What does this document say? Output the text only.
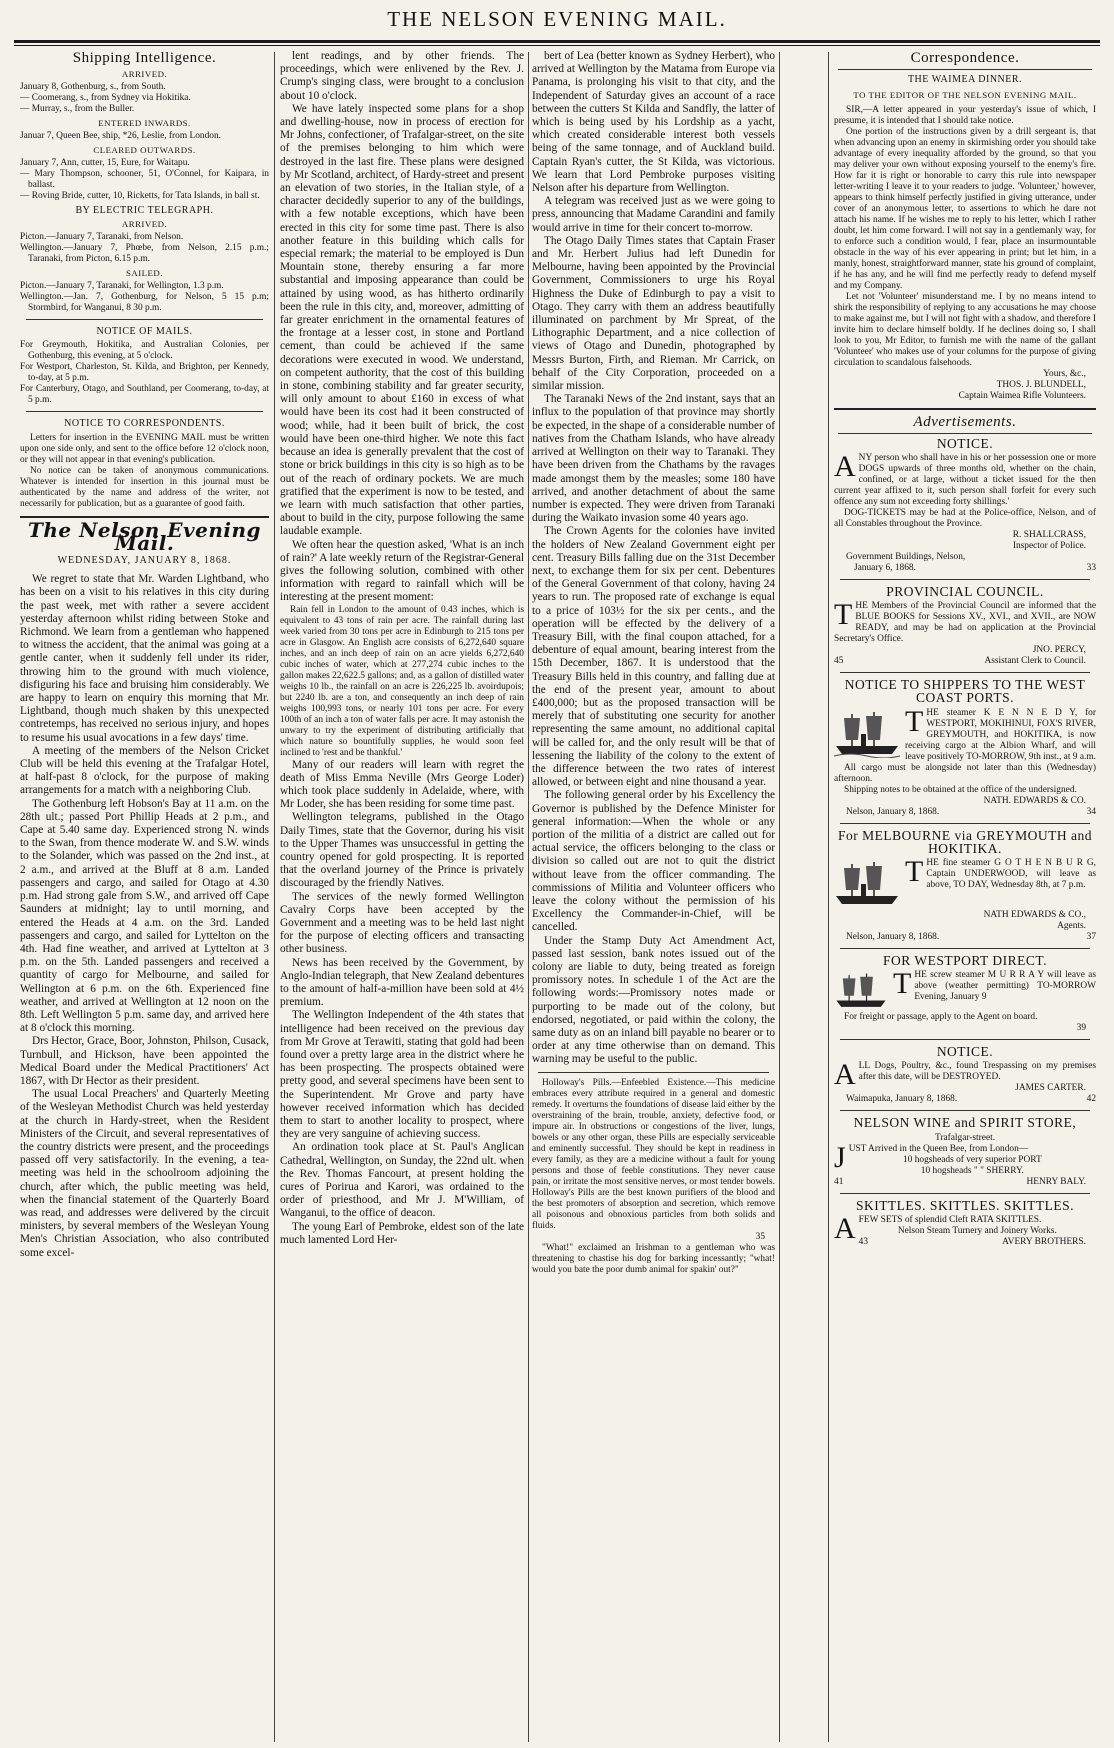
THE NELSON EVENING MAIL.
Shipping Intelligence.
ARRIVED.

January 8, Gothenburg, s., from South.

— Coomerang, s., from Sydney via Hokitika.

— Murray, s., from the Buller.

ENTERED INWARDS.

Januar 7, Queen Bee, ship, *26, Leslie, from London.

CLEARED OUTWARDS.

January 7, Ann, cutter, 15, Eure, for Waitapu.

— Mary Thompson, schooner, 51, O'Connel, for Kaipara, in ballast.

— Roving Bride, cutter, 10, Ricketts, for Tata Islands, in ball st.

BY ELECTRIC TELEGRAPH.
ARRIVED.

Picton.—January 7, Taranaki, from Nelson.

Wellington.—January 7, Phœbe, from Nelson, 2.15 p.m.; Taranaki, from Picton, 6.15 p.m.

SAILED.

Picton.—January 7, Taranaki, for Wellington, 1.3 p.m.

Wellington.—Jan. 7, Gothenburg, for Nelson, 5 15 p.m; Stormbird, for Wanganui, 8 30 p.m.

NOTICE OF MAILS.

For Greymouth, Hokitika, and Australian Colonies, per Gothenburg, this evening, at 5 o'clock.

For Westport, Charleston, St. Kilda, and Brighton, per Kennedy, to-day, at 5 p.m.

For Canterbury, Otago, and Southland, per Coomerang, to-day, at 5 p.m.

NOTICE TO CORRESPONDENTS.

Letters for insertion in the EVENING MAIL must be written upon one side only, and sent to the office before 12 o'clock noon, or they will not appear in that evening's publication.

No notice can be taken of anonymous communications. Whatever is intended for insertion in this journal must be authenticated by the name and address of the writer, not necessarily for publication, but as a guarantee of good faith.

The Nelson Evening Mail.
WEDNESDAY, JANUARY 8, 1868.

We regret to state that Mr. Warden Lightband, who has been on a visit to his relatives in this city during the past week, met with rather a severe accident yesterday afternoon whilst riding between Stoke and Richmond. We learn from a gentleman who happened to witness the accident, that the animal was going at a gentle canter, when it suddenly fell under its rider, throwing him to the ground with much violence, disfiguring his face and bruising him considerably. We are happy to learn on enquiry this morning that Mr. Lightband, though much shaken by this unexpected contretemps, has received no serious injury, and hopes to resume his usual avocations in a few days' time.

A meeting of the members of the Nelson Cricket Club will be held this evening at the Trafalgar Hotel, at half-past 8 o'clock, for the purpose of making arrangements for a match with a neighboring Club.

The Gothenburg left Hobson's Bay at 11 a.m. on the 28th ult.; passed Port Phillip Heads at 2 p.m., and Cape at 5.40 same day. Experienced strong N. winds to the Swan, from thence moderate W. and S.W. winds to the Solander, which was passed on the 2nd inst., at 2 a.m., and arrived at the Bluff at 8 a.m. Landed passengers and cargo, and sailed for Otago at 4.30 p.m. Had strong gale from S.W., and arrived off Cape Saunders at midnight; lay to until morning, and entered the Heads at 4 a.m. on the 3rd. Landed passengers and cargo, and sailed for Lyttelton on the 4th. Had fine weather, and arrived at Lyttelton at 3 p.m. on the 5th. Landed passengers and received a quantity of cargo for Melbourne, and sailed for Wellington at 6 p.m. on the 6th. Experienced fine weather, and arrived at Wellington at 12 noon on the 8th. Left Wellington 5 p.m. same day, and arrived here at 8 o'clock this morning.

Drs Hector, Grace, Boor, Johnston, Philson, Cusack, Turnbull, and Hickson, have been appointed the Medical Board under the Medical Practitioners' Act 1867, with Dr Hector as their president.

The usual Local Preachers' and Quarterly Meeting of the Wesleyan Methodist Church was held yesterday at the church in Hardy-street, when the Resident Ministers of the Circuit, and several representatives of the country districts were present, and the proceedings passed off very satisfactorily. In the evening, a tea-meeting was held in the schoolroom adjoining the church, after which, the public meeting was held, when the financial statement of the Quarterly Board was read, and addresses were delivered by the circuit ministers, by several members of the Wesleyan Young Men's Christian Association, who also contributed some excel-

lent readings, and by other friends. The proceedings, which were enlivened by the Rev. J. Crump's singing class, were brought to a conclusion about 10 o'clock.

We have lately inspected some plans for a shop and dwelling-house, now in process of erection for Mr Johns, confectioner, of Trafalgar-street, on the site of the premises belonging to him which were destroyed in the last fire. These plans were designed by Mr Scotland, architect, of Hardy-street and present an elevation of two stories, in the Italian style, of a character decidedly superior to any of the buildings, with a few notable exceptions, which have been erected in this city for some time past. There is also another feature in this building which calls for especial remark; the material to be employed is Dun Mountain stone, thereby ensuring a far more substantial and imposing appearance than could be attained by using wood, as has hitherto ordinarily been the rule in this city, and, moreover, admitting of far greater enrichment in the ornamental features of the frontage at a lesser cost, in stone and Portland cement, than could be achieved if the same decorations were executed in wood. We understand, on competent authority, that the cost of this building in stone, combining stability and far greater security, will only amount to about £160 in excess of what would have been its cost had it been constructed of wood; while, had it been built of brick, the cost would have been one-third higher. We note this fact because an idea is generally prevalent that the cost of stone or brick buildings in this city is so high as to be out of the reach of ordinary pockets. We are much gratified that the experiment is now to be tested, and we learn with much satisfaction that other parties, about to build in the city, purpose following the same laudable example.

We often hear the question asked, 'What is an inch of rain?' A late weekly return of the Registrar-General gives the following solution, combined with other information with regard to rainfall which will be interesting at the present moment:

Rain fell in London to the amount of 0.43 inches, which is equivalent to 43 tons of rain per acre. The rainfall during last week varied from 30 tons per acre in Edinburgh to 215 tons per acre in Glasgow. An English acre consists of 6,272,640 square inches, and an inch deep of rain on an acre yields 6,272,640 cubic inches of water, which at 277,274 cubic inches to the gallon makes 22,622.5 gallons; and, as a gallon of distilled water weighs 10 lb., the rainfall on an acre is 226,225 lb. avoirdupois; but 2240 lb. are a ton, and consequently an inch deep of rain weighs 100,993 tons, or nearly 101 tons per acre. For every 100th of an inch a ton of water falls per acre. It may astonish the unwary to try the experiment of distributing artificially that which nature so bountifully supplies, he would soon feel inclined to 'rest and be thankful.'

Many of our readers will learn with regret the death of Miss Emma Neville (Mrs George Loder) which took place suddenly in Adelaide, where, with Mr Loder, she has been residing for some time past.

Wellington telegrams, published in the Otago Daily Times, state that the Governor, during his visit to the Upper Thames was unsuccessful in getting the country opened for gold prospecting. It is reported that the overland journey of the Prince is privately discouraged by the friendly Natives.

The services of the newly formed Wellington Cavalry Corps have been accepted by the Government and a meeting was to be held last night for the purpose of electing officers and transacting other business.

News has been received by the Government, by Anglo-Indian telegraph, that New Zealand debentures to the amount of half-a-million have been sold at 4½ premium.

The Wellington Independent of the 4th states that intelligence had been received on the previous day from Mr Grove at Terawiti, stating that gold had been found over a pretty large area in the district where he has been prospecting. The prospects obtained were pretty good, and several specimens have been sent to the Superintendent. Mr Grove and party have however received information which has decided them to start to another locality to prospect, where they are very sanguine of achieving success.

An ordination took place at St. Paul's Anglican Cathedral, Wellington, on Sunday, the 22nd ult. when the Rev. Thomas Fancourt, at present holding the cures of Porirua and Karori, was ordained to the order of priesthood, and Mr J. M'William, of Wanganui, to the office of deacon.

The young Earl of Pembroke, eldest son of the late much lamented Lord Her-

bert of Lea (better known as Sydney Herbert), who arrived at Wellington by the Matama from Europe via Panama, is prolonging his visit to that city, and the Independent of Saturday gives an account of a race between the cutters St Kilda and Sandfly, the latter of which is being used by his Lordship as a yacht, which created considerable interest both vessels being of the same tonnage, and of Auckland build. Captain Ryan's cutter, the St Kilda, was victorious. We learn that Lord Pembroke purposes visiting Nelson after his departure from Wellington.

A telegram was received just as we were going to press, announcing that Madame Carandini and family would arrive in time for their concert to-morrow.

The Otago Daily Times states that Captain Fraser and Mr. Herbert Julius had left Dunedin for Melbourne, having been appointed by the Provincial Government, Commissioners to urge his Royal Highness the Duke of Edinburgh to pay a visit to Otago. They carry with them an address beautifully illuminated on parchment by Mr Spreat, of the Lithographic Department, and a nice collection of views of Otago and Dunedin, photographed by Messrs Burton, Firth, and Rieman. Mr Carrick, on behalf of the City Corporation, proceeded on a similar mission.

The Taranaki News of the 2nd instant, says that an influx to the population of that province may shortly be expected, in the shape of a considerable number of natives from the Chatham Islands, who have already arrived at Wellington on their way to Taranaki. They have been driven from the Chathams by the ravages made amongst them by the measles; some 180 have arrived, and another detachment of about the same number is expected. They were driven from Taranaki during the Waikato invasion some 40 years ago.

The Crown Agents for the colonies have invited the holders of New Zealand Government eight per cent. Treasury Bills falling due on the 31st December next, to exchange them for six per cent. Debentures of the General Government of that colony, having 24 years to run. The proposed rate of exchange is equal to a price of 103½ for the six per cents., and the operation will be effected by the delivery of a Treasury Bill, with the final coupon attached, for a debenture of equal amount, bearing interest from the 15th December, 1867. It is understood that the Treasury Bills held in this country, and falling due at the end of the present year, amount to about £400,000; but as the proposed transaction will be merely that of substituting one security for another representing the same amount, no additional capital will be called for, and the only result will be that of lessening the liability of the colony to the extent of the difference between the two rates of interest allowed, or between eight and nine thousand a year.

The following general order by his Excellency the Governor is published by the Defence Minister for general information:—When the whole or any portion of the militia of a district are called out for actual service, the officers belonging to the class or division so called out are not to quit the district without leave from the officer commanding. The commissions of Militia and Volunteer officers who leave the colony without the permission of his Excellency the Commander-in-Chief, will be cancelled.

Under the Stamp Duty Act Amendment Act, passed last session, bank notes issued out of the colony are liable to duty, being treated as foreign promissory notes. In schedule 1 of the Act are the following words:—Promissory notes made or purporting to be made out of the colony, but endorsed, negotiated, or paid within the colony, the same duty as on an inland bill payable no bearer or to order at any time otherwise than on demand. This warning may be useful to the public.

Holloway's Pills.—Enfeebled Existence.—This medicine embraces every attribute required in a general and domestic remedy. It overturns the foundations of disease laid either by the overstraining of the brain, trouble, anxiety, defective food, or impure air. In obstructions or congestions of the liver, lungs, bowels or any other organ, these Pills are especially serviceable and eminently successful. They should be kept in readiness in every family, as they are a medicine without a fault for young persons and those of feeble constitutions. They never cause pain, or irritate the most sensitive nerves, or most tender bowels. Holloway's Pills are the best known purifiers of the blood and the best promoters of absorption and secretion, which remove all poisonous and obnoxious particles from both solids and fluids.

35

"What!" exclaimed an Irishman to a gentleman who was threatening to chastise his dog for barking incessantly; "what! would you bate the poor dumb animal for spakin' out?"

Correspondence.
THE WAIMEA DINNER.
TO THE EDITOR OF THE NELSON EVENING MAIL.

SIR,—A letter appeared in your yesterday's issue of which, I presume, it is intended that I should take notice.

One portion of the instructions given by a drill sergeant is, that when advancing upon an enemy in skirmishing order you should take advantage of every inequality afforded by the ground, so that you may deliver your own without exposing yourself to the enemy's fire. How far it is right or honorable to carry this rule into newspaper letter-writing I leave it to your readers to judge. 'Volunteer,' however, appears to think himself perfectly justified in giving utterance, under cover of an anonymous letter, to assertions to which he dare not attach his name. If he wishes me to reply to his letter, which I rather doubt, let him come forward. I will not say in a gentlemanly way, for to enforce such a condition would, I fear, place an insurmountable obstacle in the way of his ever appearing in print; but let him, in a manly, honest, straightforward manner, state his ground of complaint, if he has any, and he will find me perfectly ready to defend myself and my Company.

Let not 'Volunteer' misunderstand me. I by no means intend to shirk the responsibility of replying to any accusations he may choose to make against me, but I will not fight with a shadow, and therefore I invite him to declare himself boldly. If he declines doing so, I shall look to you, Mr Editor, to furnish me with the name of the gallant 'Volunteer' who makes use of your columns for the purpose of giving circulation to scandalous falsehoods.

Yours, &c.,
THOS. J. BLUNDELL,
Captain Waimea Rifle Volunteers.
Advertisements.
NOTICE.

ANY person who shall have in his or her possession one or more DOGS upwards of three months old, whether on the chain, confined, or at large, without a ticket issued for the then current year affixed to it, such person shall forfeit for every such offence any sum not exceeding forty shillings.'

DOG-TICKETS may be had at the Police-office, Nelson, and of all Constables throughout the Province.

R. SHALLCRASS,
Inspector of Police.
Government Buildings, Nelson,
January 6, 1868.	33
PROVINCIAL COUNCIL.

THE Members of the Provincial Council are informed that the BLUE BOOKS for Sessions XV., XVI., and XVII., are NOW READY, and may be had on application at the Provincial Secretary's Office.

JNO. PERCY,
45	Assistant Clerk to Council.
NOTICE TO SHIPPERS TO THE WEST COAST PORTS.

THE steamer K E N N E D Y, for WESTPORT, MOKIHINUI, FOX'S RIVER, GREYMOUTH, and HOKITIKA, is now receiving cargo at the Albion Wharf, and will leave positively TO-MORROW, 9th inst., at 9 a.m.

All cargo must be alongside not later than this (Wednesday) afternoon.

Shipping notes to be obtained at the office of the undersigned.

NATH. EDWARDS & CO.
Nelson, January 8, 1868.	34
For MELBOURNE via GREYMOUTH and HOKITIKA.

THE fine steamer G O T H E N B U R G, Captain UNDERWOOD, will leave as above, TO DAY, Wednesday 8th, at 7 p.m.

NATH EDWARDS & CO.,
Agents.
Nelson, January 8, 1868.	37
FOR WESTPORT DIRECT.

THE screw steamer M U R R A Y will leave as above (weather permitting) TO-MORROW Evening, January 9

For freight or passage, apply to the Agent on board.

39
NOTICE.

ALL Dogs, Poultry, &c., found Trespassing on my premises after this date, will be DESTROYED.

JAMES CARTER.
Waimapuka, January 8, 1868.	42
NELSON WINE and SPIRIT STORE,
Trafalgar-street.

JUST Arrived in the Queen Bee, from London—

10 hogsheads of very superior PORT
10 hogsheads " " SHERRY.
41	HENRY BALY.
SKITTLES. SKITTLES. SKITTLES.

AFEW SETS of splendid Cleft RATA SKITTLES.

Nelson Steam Turnery and Joinery Works.
43	AVERY BROTHERS.
